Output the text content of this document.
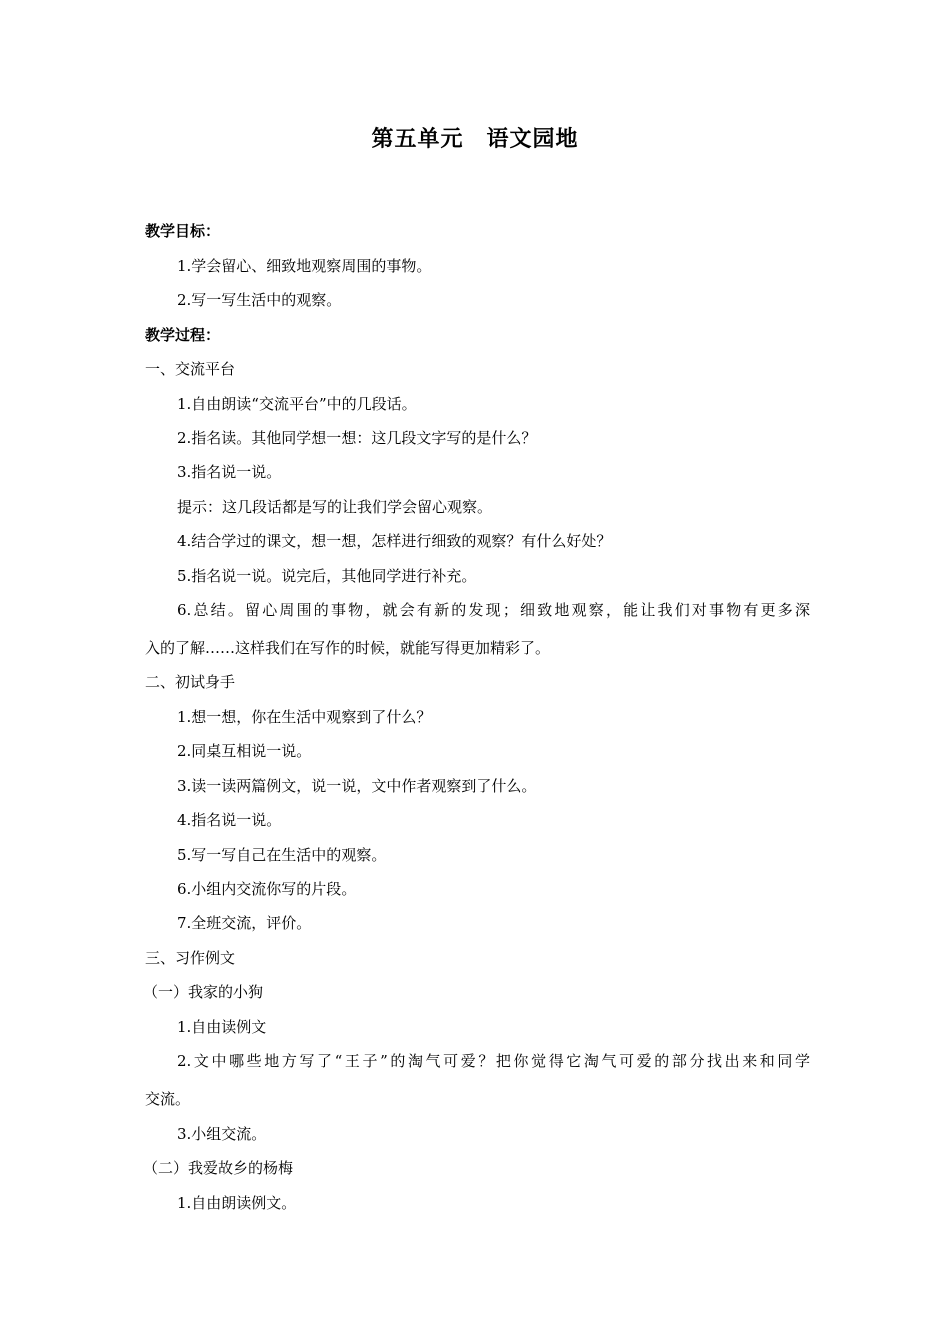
第五单元　语文园地
教学目标：
1.学会留心、细致地观察周围的事物。
2.写一写生活中的观察。
教学过程：
一、交流平台
1.自由朗读“交流平台”中的几段话。
2.指名读。其他同学想一想：这几段文字写的是什么？
3.指名说一说。
提示：这几段话都是写的让我们学会留心观察。
4.结合学过的课文，想一想，怎样进行细致的观察？有什么好处？
5.指名说一说。说完后，其他同学进行补充。
6.总结。留心周围的事物，就会有新的发现；细致地观察，能让我们对事物有更多深
入的了解……这样我们在写作的时候，就能写得更加精彩了。
二、初试身手
1.想一想，你在生活中观察到了什么？
2.同桌互相说一说。
3.读一读两篇例文，说一说，文中作者观察到了什么。
4.指名说一说。
5.写一写自己在生活中的观察。
6.小组内交流你写的片段。
7.全班交流，评价。
三、习作例文
（一）我家的小狗
1.自由读例文
2.文中哪些地方写了“王子”的淘气可爱？把你觉得它淘气可爱的部分找出来和同学
交流。
3.小组交流。
（二）我爱故乡的杨梅
1.自由朗读例文。
